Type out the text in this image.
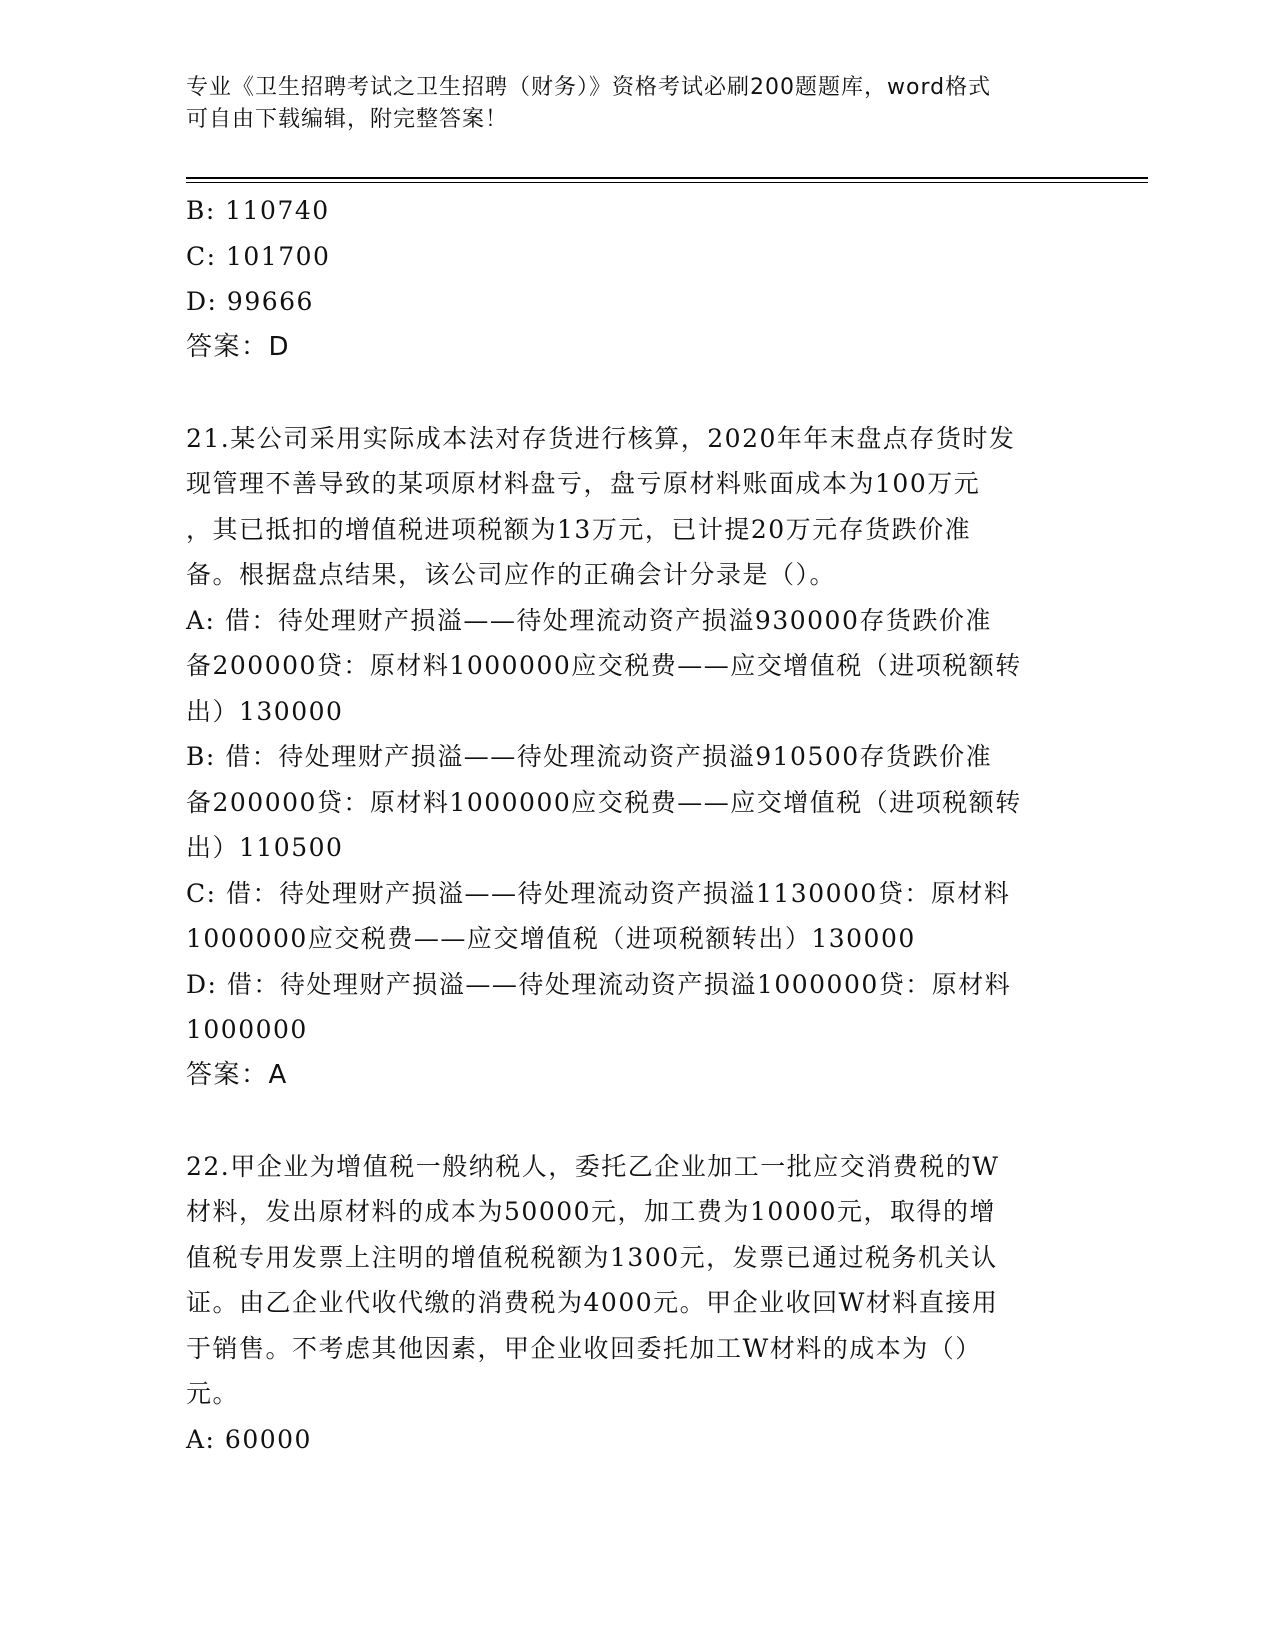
专业《卫生招聘考试之卫生招聘（财务）》资格考试必刷200题题库，word格式
可自由下载编辑，附完整答案！
B: 110740
C: 101700
D: 99666
答案：D
21.某公司采用实际成本法对存货进行核算，2020年年末盘点存货时发
现管理不善导致的某项原材料盘亏，盘亏原材料账面成本为100万元
，其已抵扣的增值税进项税额为13万元，已计提20万元存货跌价准
备。根据盘点结果，该公司应作的正确会计分录是（）。
A: 借：待处理财产损溢——待处理流动资产损溢930000存货跌价准
备200000贷：原材料1000000应交税费——应交增值税（进项税额转
出）130000
B: 借：待处理财产损溢——待处理流动资产损溢910500存货跌价准
备200000贷：原材料1000000应交税费——应交增值税（进项税额转
出）110500
C: 借：待处理财产损溢——待处理流动资产损溢1130000贷：原材料
1000000应交税费——应交增值税（进项税额转出）130000
D: 借：待处理财产损溢——待处理流动资产损溢1000000贷：原材料
1000000
答案：A
22.甲企业为增值税一般纳税人，委托乙企业加工一批应交消费税的W
材料，发出原材料的成本为50000元，加工费为10000元，取得的增
值税专用发票上注明的增值税税额为1300元，发票已通过税务机关认
证。由乙企业代收代缴的消费税为4000元。甲企业收回W材料直接用
于销售。不考虑其他因素，甲企业收回委托加工W材料的成本为（）
元。
A: 60000
